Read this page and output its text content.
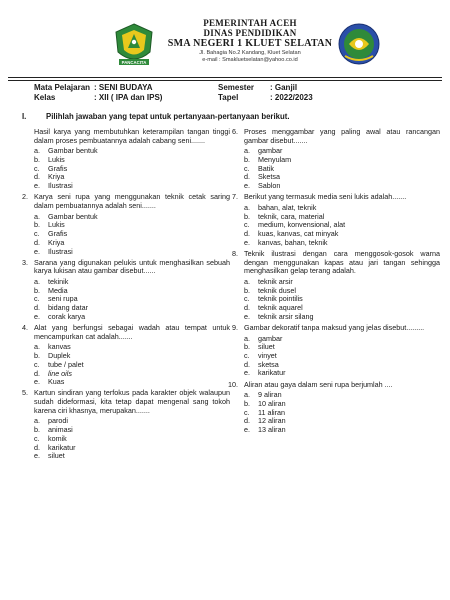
PANCACITA
PEMERINTAH ACEH
DINAS PENDIDIKAN
SMA NEGERI 1 KLUET SELATAN
Jl. Bahagia No.2 Kandang, Kluet Selatan
e-mail : Smakluetselatan@yahoo.co.id
Mata Pelajaran : SENI BUDAYA
Kelas	: XII ( IPA dan IPS)
Semester	: Ganjil
Tapel	: 2022/2023
I.	Pilihlah jawaban yang tepat untuk pertanyaan-pertanyaan berikut.
Hasil karya yang membutuhkan keterampilan tangan tinggi dalam proses pembuatannya adalah cabang seni.......
a.	Gambar bentuk
b.	Lukis
c.	Grafis
d.	Kriya
e.	Ilustrasi
2. Karya seni rupa yang menggunakan teknik cetak saring dalam pembuatannya adalah seni.......
a.	Gambar bentuk
b.	Lukis
c.	Grafis
d.	Kriya
e.	Ilustrasi
3. Sarana yang digunakan pelukis untuk menghasilkan sebuah karya lukisan atau gambar disebut......
a.	tekinik
b.	Media
c.	seni rupa
d.	bidang datar
e.	corak karya
4. Alat yang berfungsi sebagai wadah atau tempat untuk mencampurkan cat adalah.......
a.	kanvas
b.	Duplek
c.	tube / palet
d.	line oils
e.	Kuas
5. Kartun sindiran yang terfokus pada karakter objek walaupun sudah dideformasi, kita tetap dapat mengenal sang tokoh karena ciri khasnya, merupakan.......
a.	parodi
b.	animasi
c.	komik
d.	karikatur
e.	siluet
6. Proses menggambar yang paling awal atau rancangan gambar disebut.......
a.	gambar
b.	Menyulam
c.	Batik
d.	Sketsa
e.	Sablon
7. Berikut yang termasuk media seni lukis adalah.......
a.	bahan, alat, teknik
b.	teknik, cara, material
c.	medium, konvensional, alat
d.	kuas, kanvas, cat minyak
e.	kanvas, bahan, teknik
8. Teknik ilustrasi dengan cara menggosok-gosok warna dengan menggunakan kapas atau jari tangan sehingga menghasilkan gelap terang adalah.
a.	teknik arsir
b.	teknik dusel
c.	teknik pointilis
d.	teknik aquarel
e.	teknik arsir silang
9. Gambar dekoratif tanpa maksud yang jelas disebut.........
a.	gambar
b.	siluet
c.	vinyet
d.	sketsa
e.	karikatur
10. Aliran atau gaya dalam seni rupa berjumlah ....
a.	9 aliran
b.	10 aliran
c.	11 aliran
d.	12 aliran
e.	13 aliran
